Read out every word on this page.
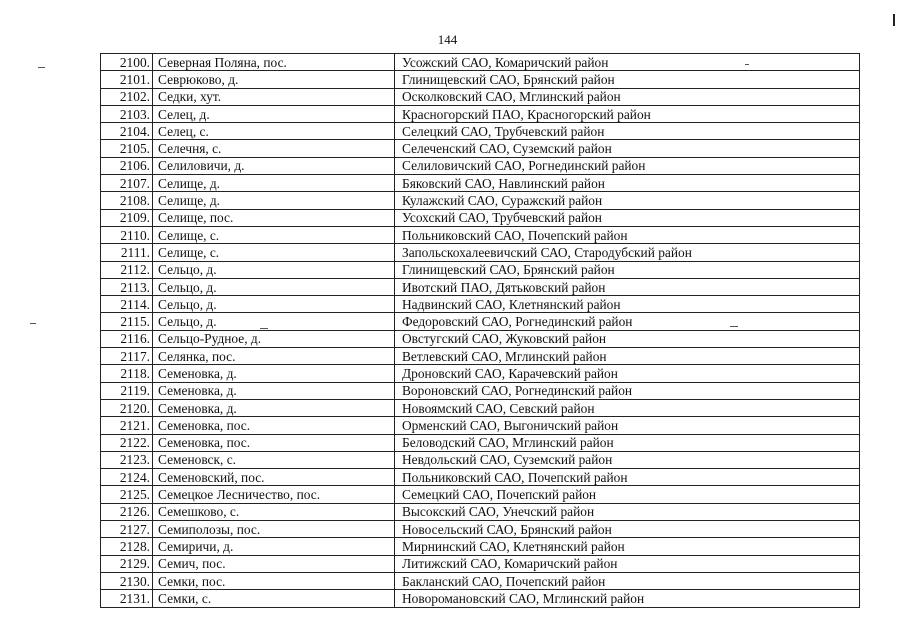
144
2100.	Северная Поляна, пос.	Усожский САО, Комаричский район
2101.	Севрюково, д.	Глинищевский САО, Брянский район
2102.	Седки, хут.	Осколковский САО, Мглинский район
2103.	Селец, д.	Красногорский ПАО, Красногорский район
2104.	Селец, с.	Селецкий САО, Трубчевский район
2105.	Селечня, с.	Селеченский САО, Суземский район
2106.	Селиловичи, д.	Селиловичский САО, Рогнединский район
2107.	Селище, д.	Бяковский САО, Навлинский район
2108.	Селище, д.	Кулажский САО, Суражский район
2109.	Селище, пос.	Усохский САО, Трубчевский район
2110.	Селище, с.	Польниковский САО, Почепский район
2111.	Селище, с.	Запольскохалеевичский САО, Стародубский район
2112.	Сельцо, д.	Глинищевский САО, Брянский район
2113.	Сельцо, д.	Ивотский ПАО, Дятьковский район
2114.	Сельцо, д.	Надвинский САО, Клетнянский район
2115.	Сельцо, д.	Федоровский САО, Рогнединский район
2116.	Сельцо-Рудное, д.	Овстугский САО, Жуковский район
2117.	Селянка, пос.	Ветлевский САО, Мглинский район
2118.	Семеновка, д.	Дроновский САО, Карачевский район
2119.	Семеновка, д.	Вороновский САО, Рогнединский район
2120.	Семеновка, д.	Новоямский САО, Севский район
2121.	Семеновка, пос.	Орменский САО, Выгоничский район
2122.	Семеновка, пос.	Беловодский САО, Мглинский район
2123.	Семеновск, с.	Невдольский САО, Суземский район
2124.	Семеновский, пос.	Польниковский САО, Почепский район
2125.	Семецкое Лесничество, пос.	Семецкий САО, Почепский район
2126.	Семешково, с.	Высокский САО, Унечский район
2127.	Семиполозы, пос.	Новосельский САО, Брянский район
2128.	Семиричи, д.	Мирнинский САО, Клетнянский район
2129.	Семич, пос.	Литижский САО, Комаричский район
2130.	Семки, пос.	Бакланский САО, Почепский район
2131.	Семки, с.	Новоромановский САО, Мглинский район
